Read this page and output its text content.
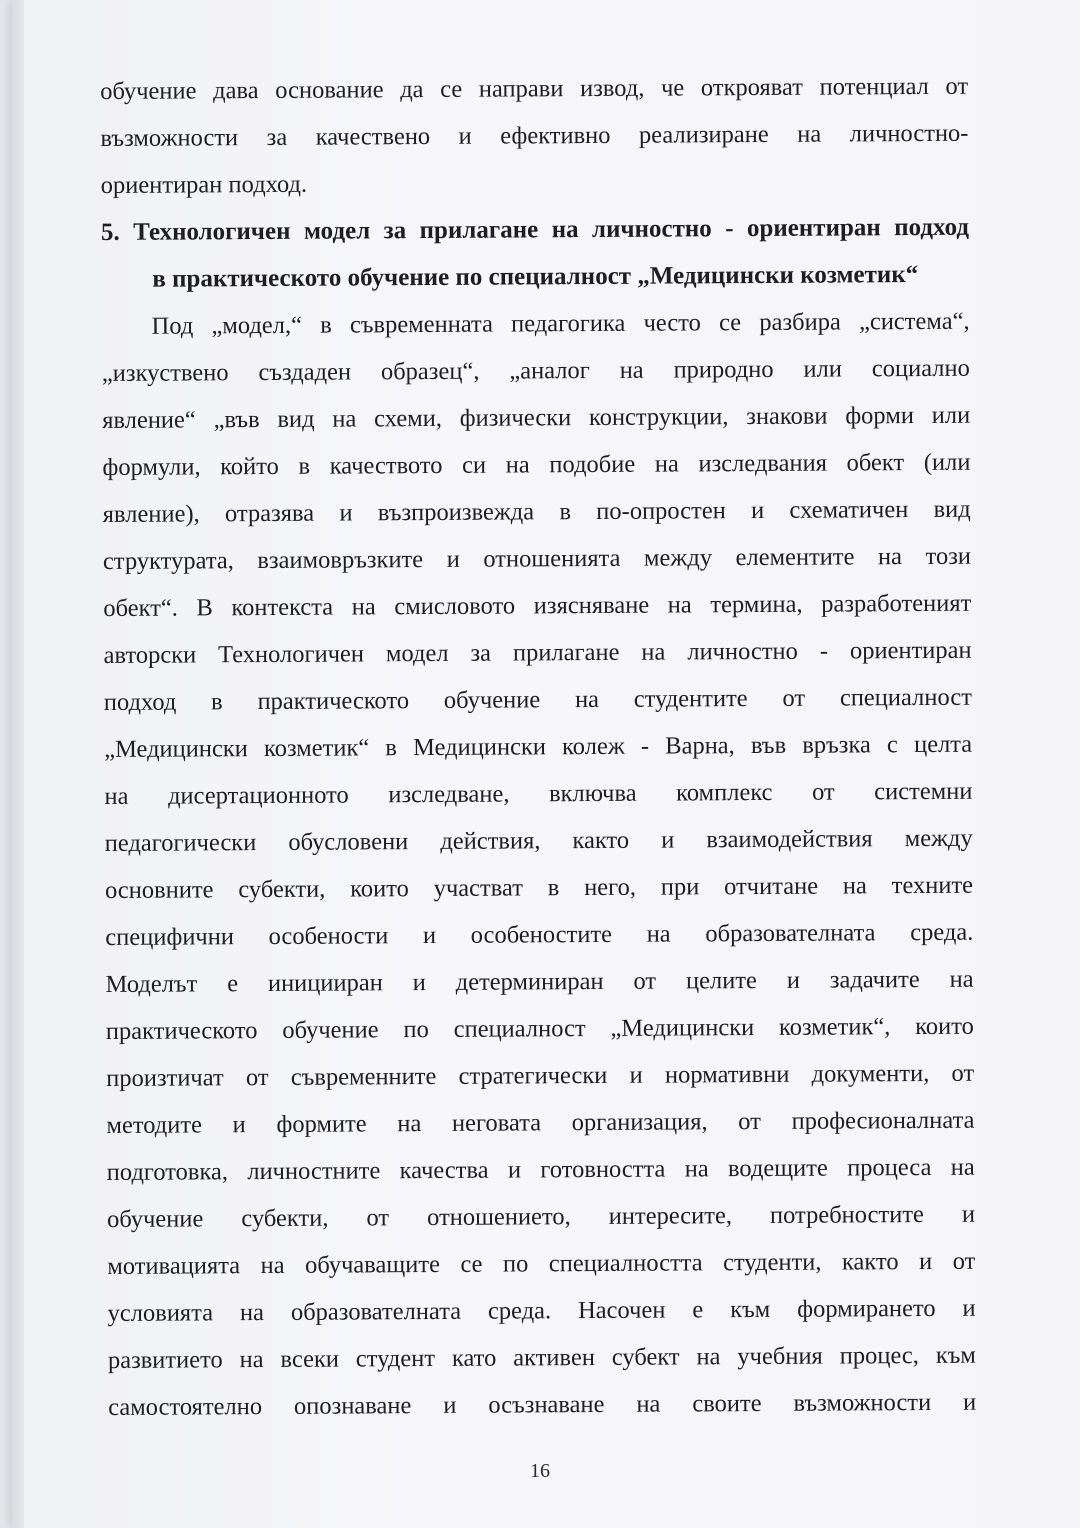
обучение дава основание да се направи извод, че открояват потенциал от
възможности за качествено и ефективно реализиране на личностно-
ориентиран подход.
5. Технологичен модел за прилагане на личностно - ориентиран подход
в практическото обучение по специалност „Медицински козметик“
Под „модел,“ в съвременната педагогика често се разбира „система“,
„изкуствено създаден образец“, „аналог на природно или социално
явление“ „във вид на схеми, физически конструкции, знакови форми или
формули, който в качеството си на подобие на изследвания обект (или
явление), отразява и възпроизвежда в по-опростен и схематичен вид
структурата, взаимовръзките и отношенията между елементите на този
обект“. В контекста на смисловото изясняване на термина, разработеният
авторски Технологичен модел за прилагане на личностно - ориентиран
подход в практическото обучение на студентите от специалност
„Медицински козметик“ в Медицински колеж - Варна, във връзка с целта
на дисертационното изследване, включва комплекс от системни
педагогически обусловени действия, както и взаимодействия между
основните субекти, които участват в него, при отчитане на техните
специфични особености и особеностите на образователната среда.
Моделът е иницииран и детерминиран от целите и задачите на
практическото обучение по специалност „Медицински козметик“, които
произтичат от съвременните стратегически и нормативни документи, от
методите и формите на неговата организация, от професионалната
подготовка, личностните качества и готовността на водещите процеса на
обучение субекти, от отношението, интересите, потребностите и
мотивацията на обучаващите се по специалността студенти, както и от
условията на образователната среда. Насочен е към формирането и
развитието на всеки студент като активен субект на учебния процес, към
самостоятелно опознаване и осъзнаване на своите възможности и
16
